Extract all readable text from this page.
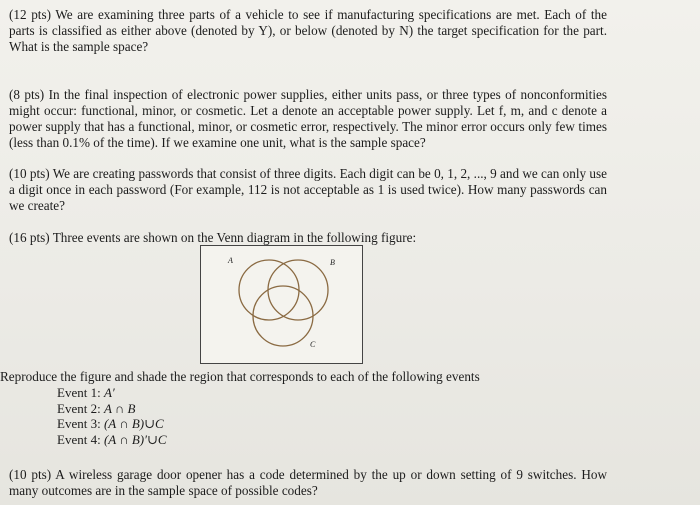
(12 pts) We are examining three parts of a vehicle to see if manufacturing specifications are met. Each of the parts is classified as either above (denoted by Y), or below (denoted by N) the target specification for the part. What is the sample space?

(8 pts) In the final inspection of electronic power supplies, either units pass, or three types of nonconformities might occur: functional, minor, or cosmetic. Let a denote an acceptable power supply. Let f, m, and c denote a power supply that has a functional, minor, or cosmetic error, respectively. The minor error occurs only few times (less than 0.1% of the time). If we examine one unit, what is the sample space?

(10 pts) We are creating passwords that consist of three digits. Each digit can be 0, 1, 2, ..., 9 and we can only use a digit once in each password (For example, 112 is not acceptable as 1 is used twice). How many passwords can we create?

(16 pts) Three events are shown on the Venn diagram in the following figure:

A	B
C

Reproduce the figure and shade the region that corresponds to each of the following events

Event 1: A′
Event 2: A ∩ B
Event 3: (A ∩ B)∪C
Event 4: (A ∩ B)′∪C

(10 pts) A wireless garage door opener has a code determined by the up or down setting of 9 switches. How many outcomes are in the sample space of possible codes?
